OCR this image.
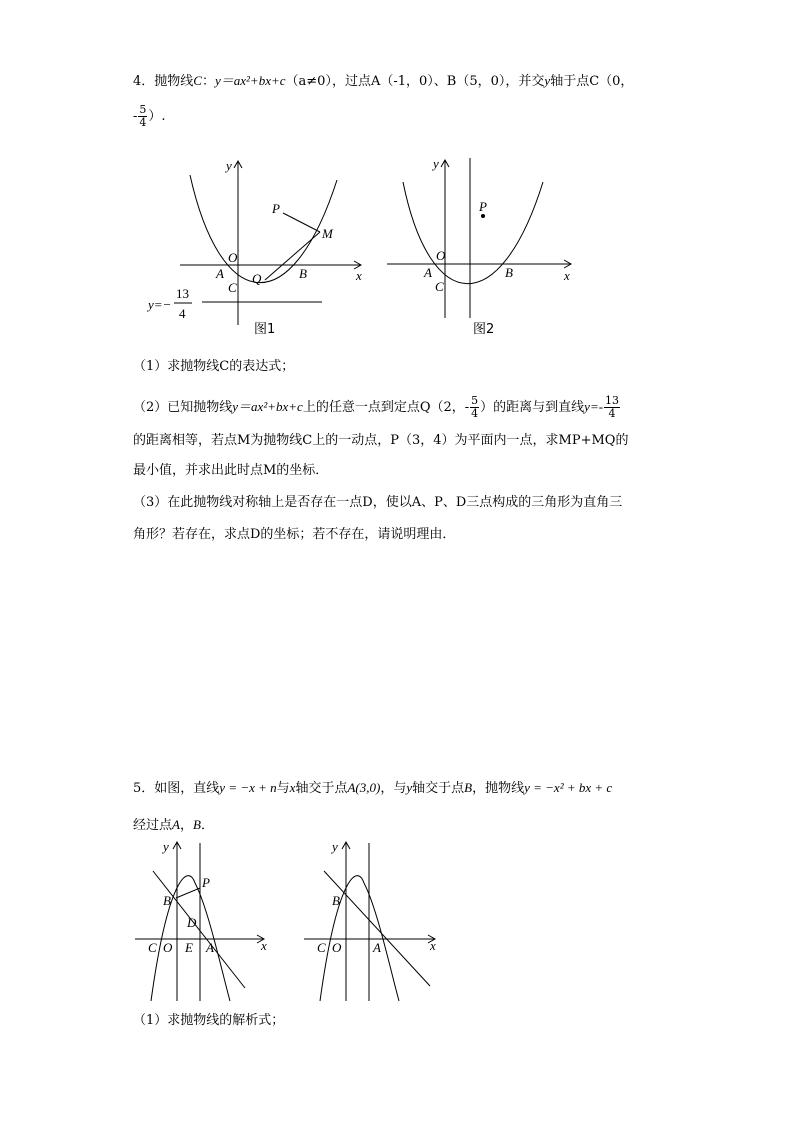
4．抛物线C：y＝ax²+bx+c（a≠0），过点A（-1，0）、B（5，0），并交y轴于点C（0，
- $\frac{5}{4}$ ）.
y
x
O
A	B
C
P
M
Q
y=−
13
4
图1
y
x
O
A	B
C
P
图2
（1）求抛物线C的表达式；
（2）已知抛物线y＝ax²+bx+c上的任意一点到定点Q（2，- $\frac{5}{4}$ ）的距离与到直线$y=- \frac{13}{4}$
的距离相等，若点M为抛物线C上的一动点，P（3，4）为平面内一点，求MP+MQ的
最小值，并求出此时点M的坐标．
（3）在此抛物线对称轴上是否存在一点D，使以A、P、D三点构成的三角形为直角三
角形？若存在，求点D的坐标；若不存在，请说明理由．
5．如图，直线y = −x + n与x轴交于点A(3,0)，与y轴交于点B，抛物线y = −x² + bx + c
经过点A，B．
y
x
C O E A
B
P
D
y
x
C O A
B
（1）求抛物线的解析式；
